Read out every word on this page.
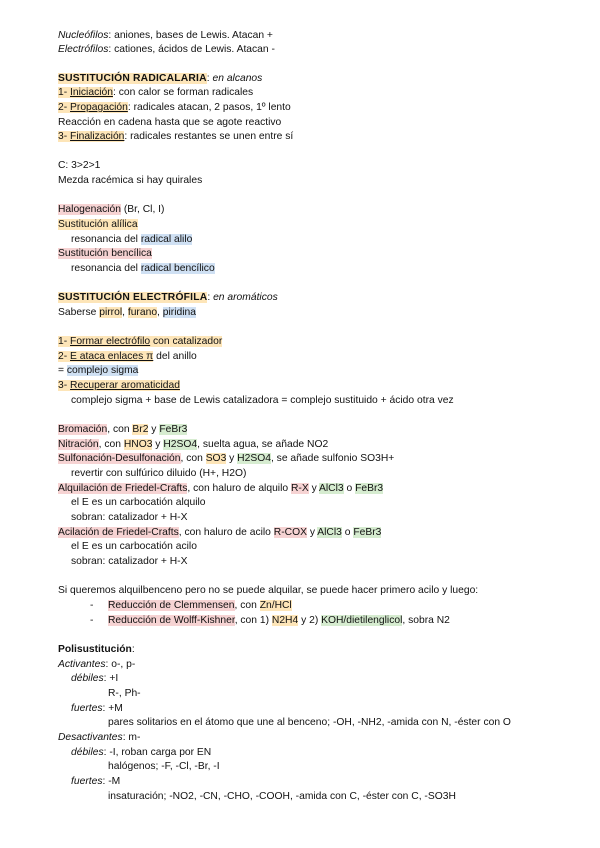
Nucleófilos: aniones, bases de Lewis. Atacan +
Electrófilos: cationes, ácidos de Lewis. Atacan -
SUSTITUCIÓN RADICALARIA: en alcanos
1- Iniciación: con calor se forman radicales
2- Propagación: radicales atacan, 2 pasos, 1º lento
Reacción en cadena hasta que se agote reactivo
3- Finalización: radicales restantes se unen entre sí
C: 3>2>1
Mezda racémica si hay quirales
Halogenación (Br, Cl, I)
Sustitución alílica
resonancia del radical alilo
Sustitución bencílica
resonancia del radical bencílico
SUSTITUCIÓN ELECTRÓFILA: en aromáticos
Saberse pirrol, furano, piridina
1- Formar electrófilo con catalizador
2- E ataca enlaces π del anillo
= complejo sigma
3- Recuperar aromaticidad
complejo sigma + base de Lewis catalizadora = complejo sustituido + ácido otra vez
Bromación, con Br2 y FeBr3
Nitración, con HNO3 y H2SO4, suelta agua, se añade NO2
Sulfonación-Desulfonación, con SO3 y H2SO4, se añade sulfonio SO3H+
revertir con sulfúrico diluido (H+, H2O)
Alquilación de Friedel-Crafts, con haluro de alquilo R-X y AlCl3 o FeBr3
el E es un carbocatión alquilo
sobran: catalizador + H-X
Acilación de Friedel-Crafts, con haluro de acilo R-COX y AlCl3 o FeBr3
el E es un carbocatión acilo
sobran: catalizador + H-X
Si queremos alquilbenceno pero no se puede alquilar, se puede hacer primero acilo y luego:
- Reducción de Clemmensen, con Zn/HCl
- Reducción de Wolff-Kishner, con 1) N2H4 y 2) KOH/dietilenglicol, sobra N2
Polisustitución:
Activantes: o-, p-
débiles: +I
R-, Ph-
fuertes: +M
pares solitarios en el átomo que une al benceno; -OH, -NH2, -amida con N, -éster con O
Desactivantes: m-
débiles: -I, roban carga por EN
halógenos; -F, -Cl, -Br, -I
fuertes: -M
insaturación; -NO2, -CN, -CHO, -COOH, -amida con C, -éster con C, -SO3H
